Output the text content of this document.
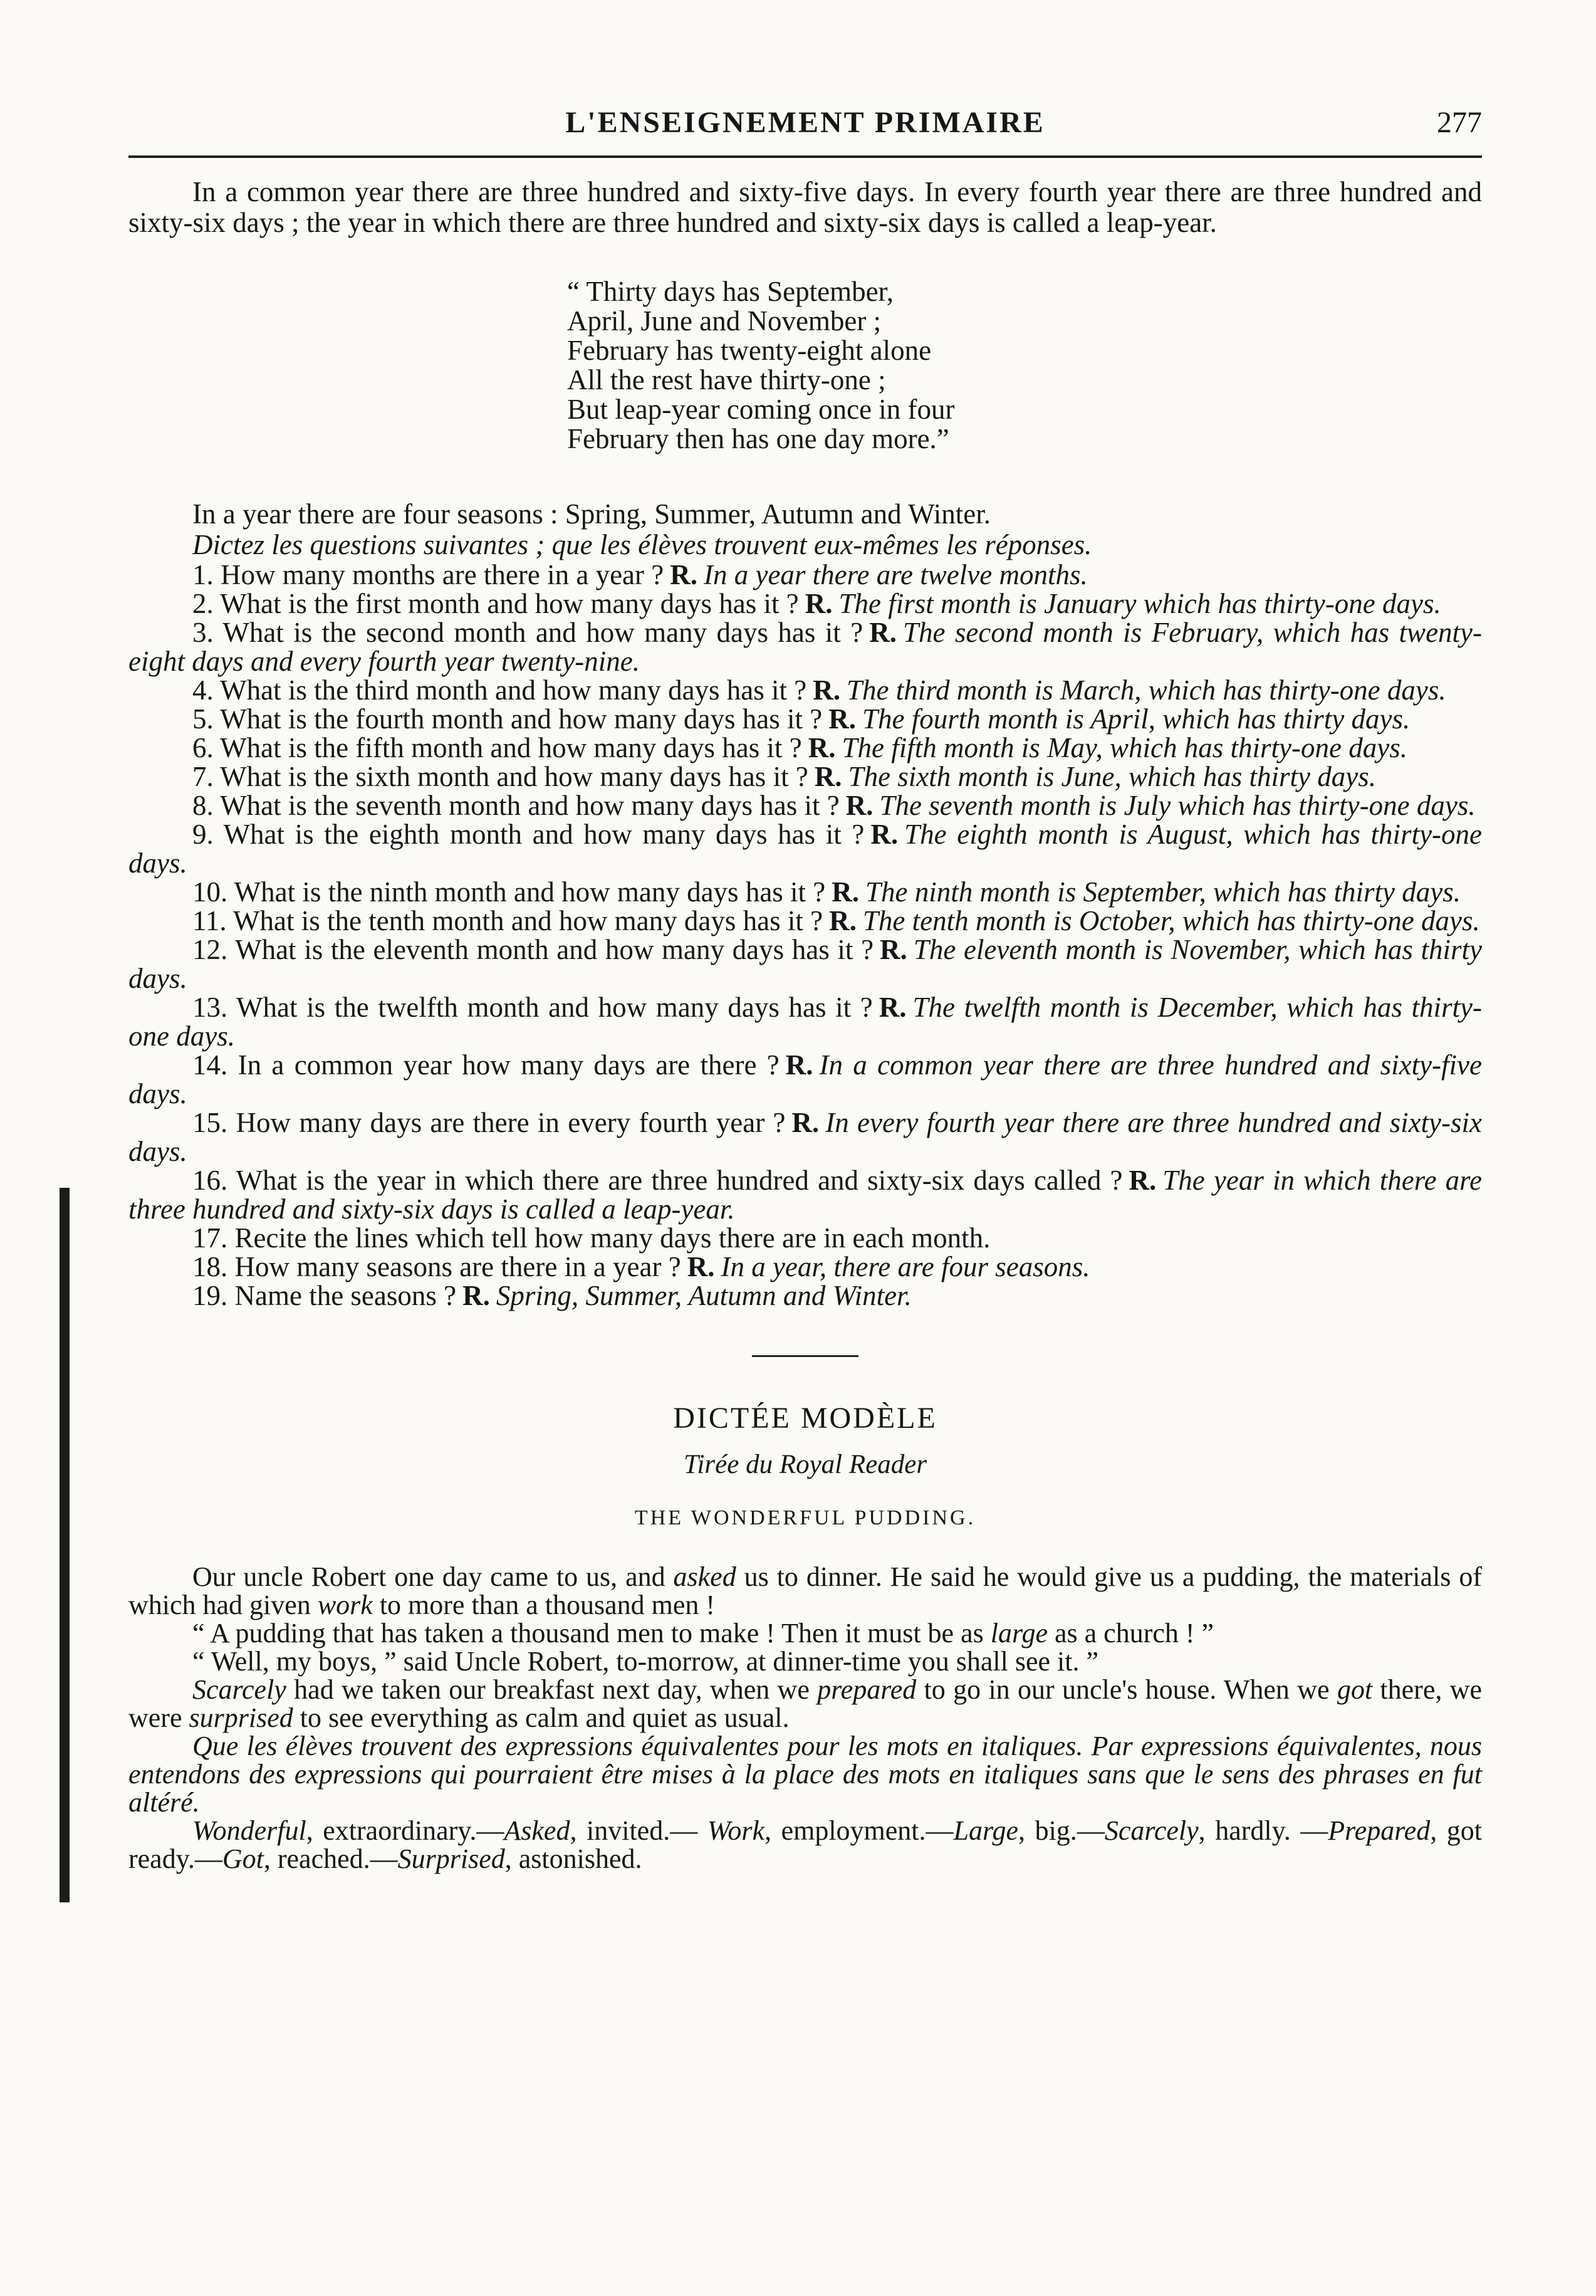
L'ENSEIGNEMENT PRIMAIRE	277

In a common year there are three hundred and sixty-five days. In every fourth year there are three hundred and sixty-six days ; the year in which there are three hundred and sixty-six days is called a leap-year.

“ Thirty days has September,
April, June and November ;
February has twenty-eight alone
All the rest have thirty-one ;
But leap-year coming once in four
February then has one day more.”

In a year there are four seasons : Spring, Summer, Autumn and Winter.

Dictez les questions suivantes ; que les élèves trouvent eux-mêmes les réponses.

1. How many months are there in a year ? R. In a year there are twelve months.

2. What is the first month and how many days has it ? R. The first month is January which has thirty-one days.

3. What is the second month and how many days has it ? R. The second month is February, which has twenty-eight days and every fourth year twenty-nine.

4. What is the third month and how many days has it ? R. The third month is March, which has thirty-one days.

5. What is the fourth month and how many days has it ? R. The fourth month is April, which has thirty days.

6. What is the fifth month and how many days has it ? R. The fifth month is May, which has thirty-one days.

7. What is the sixth month and how many days has it ? R. The sixth month is June, which has thirty days.

8. What is the seventh month and how many days has it ? R. The seventh month is July which has thirty-one days.

9. What is the eighth month and how many days has it ? R. The eighth month is August, which has thirty-one days.

10. What is the ninth month and how many days has it ? R. The ninth month is September, which has thirty days.

11. What is the tenth month and how many days has it ? R. The tenth month is October, which has thirty-one days.

12. What is the eleventh month and how many days has it ? R. The eleventh month is November, which has thirty days.

13. What is the twelfth month and how many days has it ? R. The twelfth month is December, which has thirty-one days.

14. In a common year how many days are there ? R. In a common year there are three hundred and sixty-five days.

15. How many days are there in every fourth year ? R. In every fourth year there are three hundred and sixty-six days.

16. What is the year in which there are three hundred and sixty-six days called ? R. The year in which there are three hundred and sixty-six days is called a leap-year.

17. Recite the lines which tell how many days there are in each month.

18. How many seasons are there in a year ? R. In a year, there are four seasons.

19. Name the seasons ? R. Spring, Summer, Autumn and Winter.

DICTÉE MODÈLE
Tirée du Royal Reader
THE WONDERFUL PUDDING.

Our uncle Robert one day came to us, and asked us to dinner. He said he would give us a pudding, the materials of which had given work to more than a thousand men !

“ A pudding that has taken a thousand men to make ! Then it must be as large as a church ! ”

“ Well, my boys, ” said Uncle Robert, to-morrow, at dinner-time you shall see it. ”

Scarcely had we taken our breakfast next day, when we prepared to go in our uncle's house. When we got there, we were surprised to see everything as calm and quiet as usual.

Que les élèves trouvent des expressions équivalentes pour les mots en italiques. Par expressions équivalentes, nous entendons des expressions qui pourraient être mises à la place des mots en italiques sans que le sens des phrases en fut altéré.

Wonderful, extraordinary.—Asked, invited.— Work, employment.—Large, big.—Scarcely, hardly. —Prepared, got ready.—Got, reached.—Surprised, astonished.
